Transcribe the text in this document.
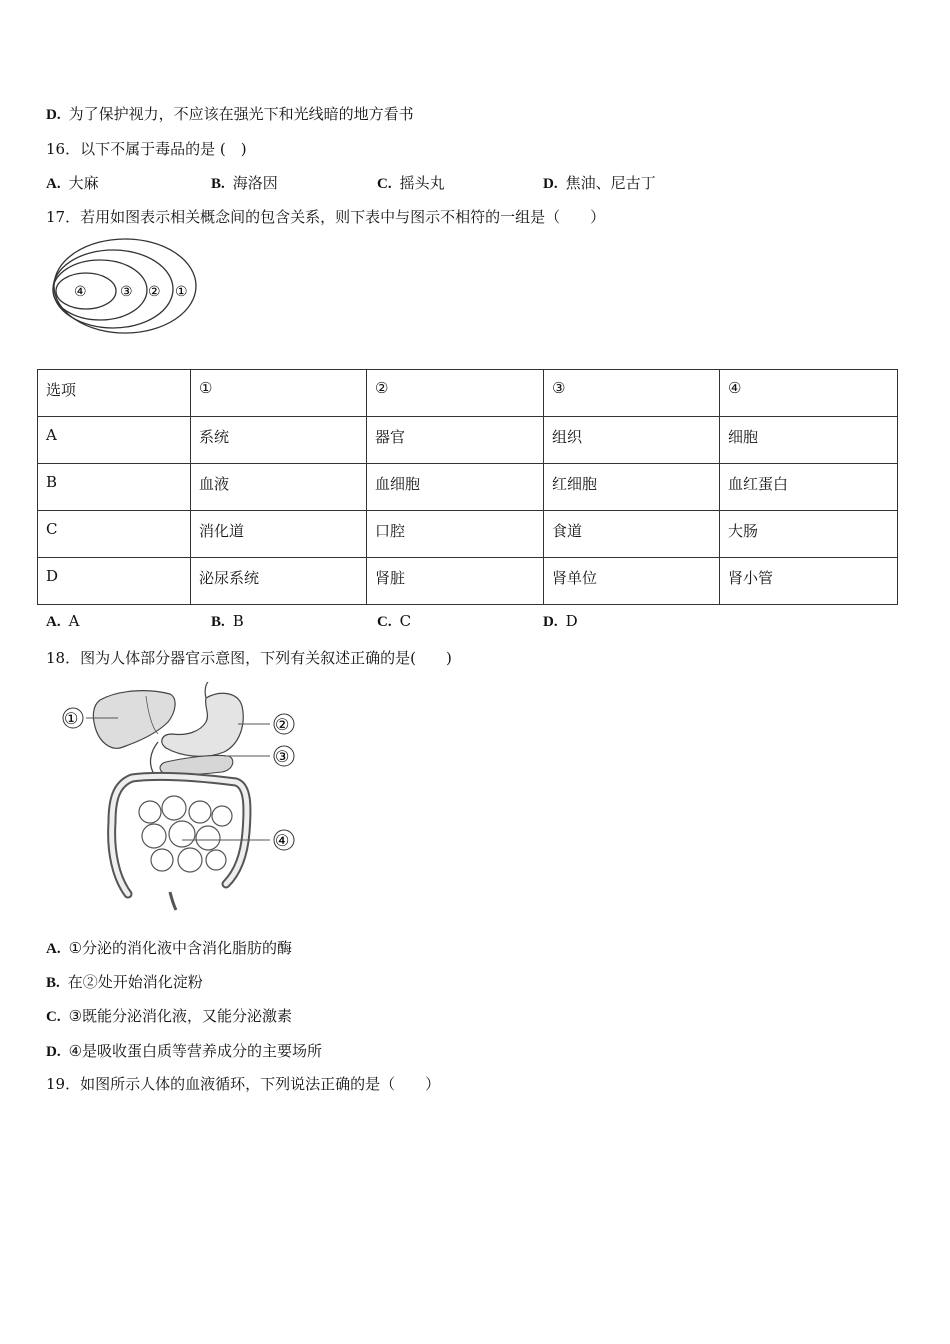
D. 为了保护视力，不应该在强光下和光线暗的地方看书
16．以下不属于毒品的是 (　)
A. 大麻	B. 海洛因	C. 摇头丸	D. 焦油、尼古丁
17．若用如图表示相关概念间的包含关系，则下表中与图示不相符的一组是（　　）
④ ③ ② ①
选项	①	②	③	④
A	系统	器官	组织	细胞
B	血液	血细胞	红细胞	血红蛋白
C	消化道	口腔	食道	大肠
D	泌尿系统	肾脏	肾单位	肾小管
A. A	B. B	C. C	D. D
18．图为人体部分器官示意图，下列有关叙述正确的是(　　)
①	②
③
④
A. ①分泌的消化液中含消化脂肪的酶
B. 在②处开始消化淀粉
C. ③既能分泌消化液，又能分泌激素
D. ④是吸收蛋白质等营养成分的主要场所
19．如图所示人体的血液循环，下列说法正确的是（　　）
